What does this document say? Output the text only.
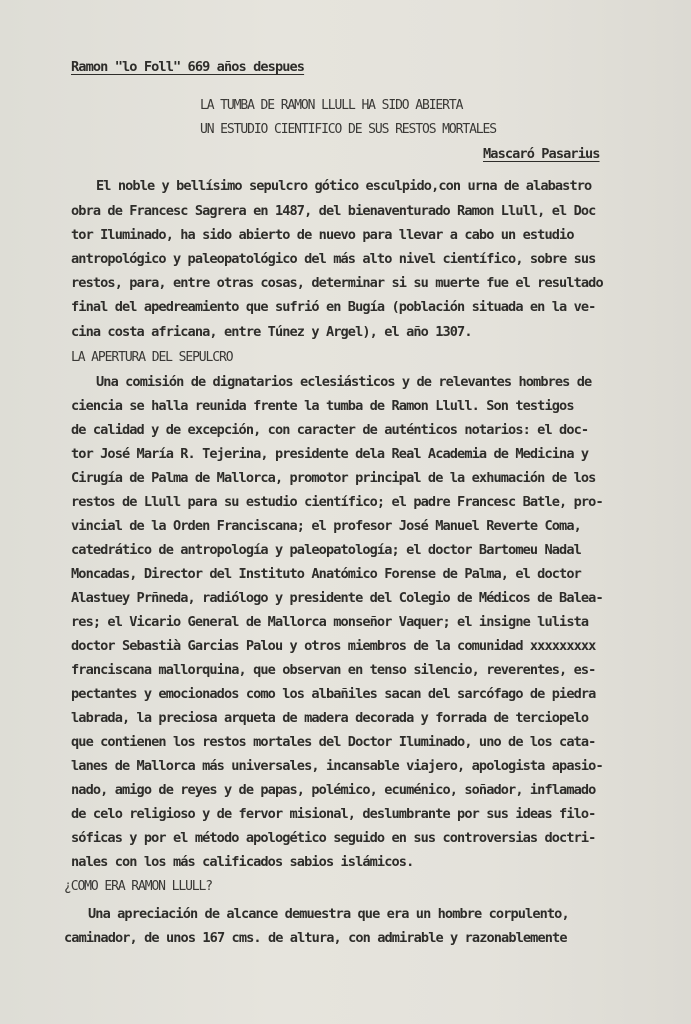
Ramon "lo Foll" 669 años despues
LA TUMBA DE RAMON LLULL HA SIDO ABIERTA
UN ESTUDIO CIENTIFICO DE SUS RESTOS MORTALES
Mascaró Pasarius
El noble y bellísimo sepulcro gótico esculpido,con urna de alabastro
obra de Francesc Sagrera en 1487, del bienaventurado Ramon Llull, el Doc
tor Iluminado, ha sido abierto de nuevo para llevar a cabo un estudio
antropológico y paleopatológico del más alto nivel científico, sobre sus
restos, para, entre otras cosas, determinar si su muerte fue el resultado
final del apedreamiento que sufrió en Bugía (población situada en la ve-
cina costa africana, entre Túnez y Argel), el año 1307.
LA APERTURA DEL SEPULCRO
Una comisión de dignatarios eclesiásticos y de relevantes hombres de
ciencia se halla reunida frente la tumba de Ramon Llull. Son testigos
de calidad y de excepción, con caracter de auténticos notarios: el doc-
tor José María R. Tejerina, presidente dela Real Academia de Medicina y
Cirugía de Palma de Mallorca, promotor principal de la exhumación de los
restos de Llull para su estudio científico; el padre Francesc Batle, pro-
vincial de la Orden Franciscana; el profesor José Manuel Reverte Coma,
catedrático de antropología y paleopatología; el doctor Bartomeu Nadal
Moncadas, Director del Instituto Anatómico Forense de Palma, el doctor
Alastuey Prñneda, radiólogo y presidente del Colegio de Médicos de Balea-
res; el Vicario General de Mallorca monseñor Vaquer; el insigne lulista
doctor Sebastià Garcias Palou y otros miembros de la comunidad xxxxxxxxx
franciscana mallorquina, que observan en tenso silencio, reverentes, es-
pectantes y emocionados como los albañiles sacan del sarcófago de piedra
labrada, la preciosa arqueta de madera decorada y forrada de terciopelo
que contienen los restos mortales del Doctor Iluminado, uno de los cata-
lanes de Mallorca más universales, incansable viajero, apologista apasio-
nado, amigo de reyes y de papas, polémico, ecuménico, soñador, inflamado
de celo religioso y de fervor misional, deslumbrante por sus ideas filo-
sóficas y por el método apologético seguido en sus controversias doctri-
nales con los más calificados sabios islámicos.
¿COMO ERA RAMON LLULL?
Una apreciación de alcance demuestra que era un hombre corpulento,
caminador, de unos 167 cms. de altura, con admirable y razonablemente
